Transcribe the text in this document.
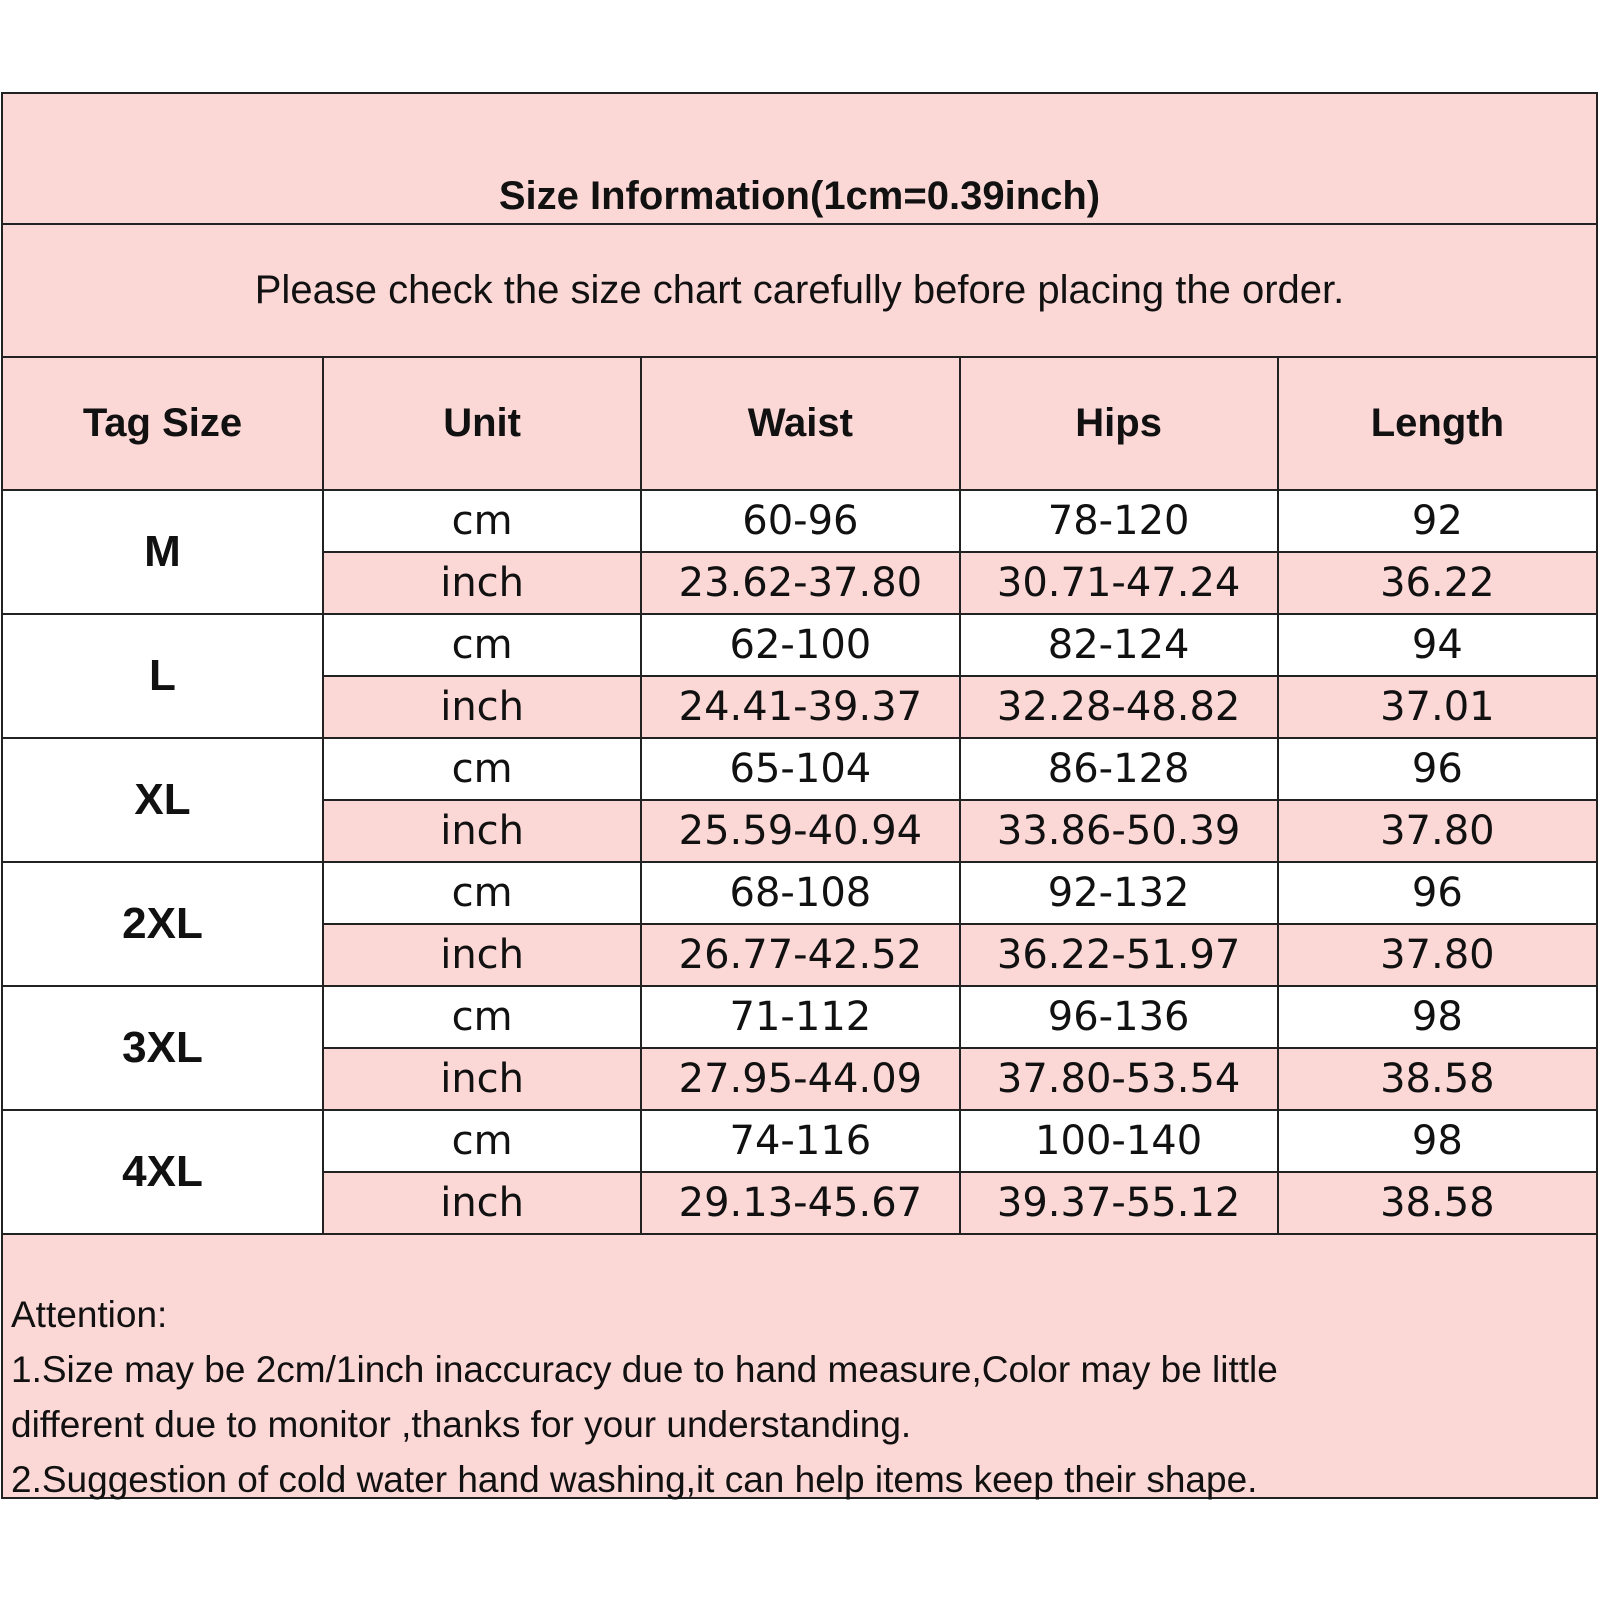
Size Information(1cm=0.39inch)
Please check the size chart carefully before placing the order.
Tag Size	Unit	Waist	Hips	Length
M	cm	60-96	78-120	92
	inch	23.62-37.80	30.71-47.24	36.22
L	cm	62-100	82-124	94
	inch	24.41-39.37	32.28-48.82	37.01
XL	cm	65-104	86-128	96
	inch	25.59-40.94	33.86-50.39	37.80
2XL	cm	68-108	92-132	96
	inch	26.77-42.52	36.22-51.97	37.80
3XL	cm	71-112	96-136	98
	inch	27.95-44.09	37.80-53.54	38.58
4XL	cm	74-116	100-140	98
	inch	29.13-45.67	39.37-55.12	38.58
Attention:
1.Size may be 2cm/1inch inaccuracy due to hand measure,Color may be little
different due to monitor ,thanks for your understanding.
2.Suggestion of cold water hand washing,it can help items keep their shape.
